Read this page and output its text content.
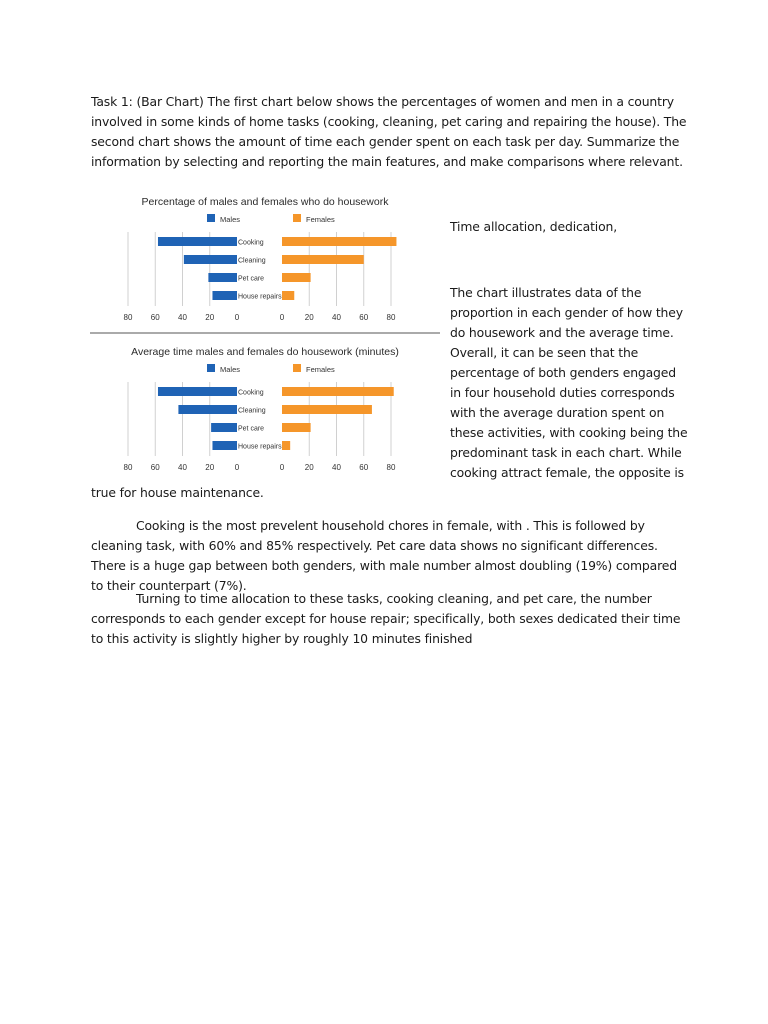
Task 1: (Bar Chart) The first chart below shows the percentages of women and men in a country involved in some kinds of home tasks (cooking, cleaning, pet caring and repairing the house). The second chart shows the amount of time each gender spent on each task per day. Summarize the information by selecting and reporting the main features, and make comparisons where relevant.

Percentage of males and females who do housework
Males	Females
Cooking
Cleaning
Pet care
House repairs
80 60 40 20	0	0	20 40 60 80
Average time males and females do housework (minutes)
Males	Females
Cooking
Cleaning
Pet care
House repairs
80 60 40 20	0	0	20 40 60 80

Time allocation, dedication,

The chart illustrates data of the proportion in each gender of how they do housework and the average time. Overall, it can be seen that the percentage of both genders engaged in four household duties corresponds with the average duration spent on these activities, with cooking being the predominant task in each chart. While cooking attract female, the opposite is

true for house maintenance.

Cooking is the most prevelent household chores in female, with . This is followed by cleaning task, with 60% and 85% respectively. Pet care data shows no significant differences. There is a huge gap between both genders, with male number almost doubling (19%) compared to their counterpart (7%).

Turning to time allocation to these tasks, cooking cleaning, and pet care, the number corresponds to each gender except for house repair; specifically, both sexes dedicated their time to this activity is slightly higher by roughly 10 minutes finished
